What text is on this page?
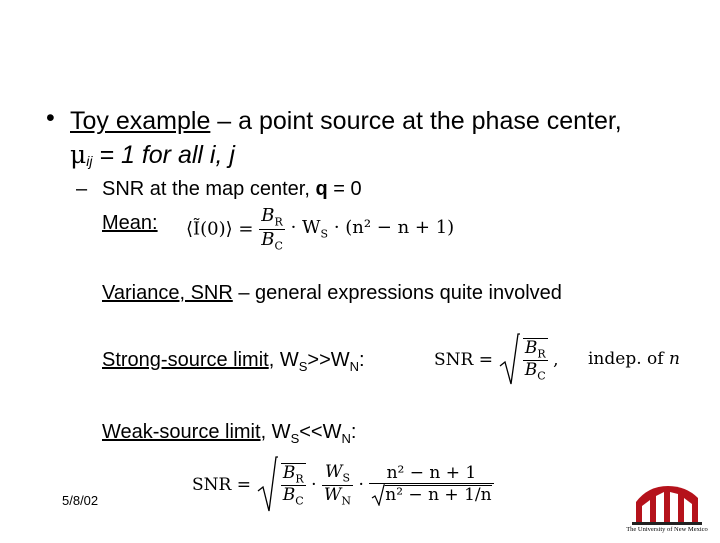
• Toy example – a point source at the phase center,
$\mu_{ij} = 1$ for all i, j
– SNR at the map center, q = 0
Mean: ⟨Ĩ(0)⟩ = $\frac{B_R}{B_C} \cdot W_S \cdot (n^2 - n + 1)$
Variance, SNR – general expressions quite involved
Strong-source limit, $W_S>>W_N$:	SNR = $\frac{B_R}{B_C}$ , indep. of n
Weak-source limit, $W_S<<W_N$:
SNR = $\frac{B_R}{B_C} \cdot \frac{W_S}{W_N} \cdot \frac{\text{n² − n + 1}}{\text{n² − n + 1/n}}$
5/8/02
The University of New Mexico
